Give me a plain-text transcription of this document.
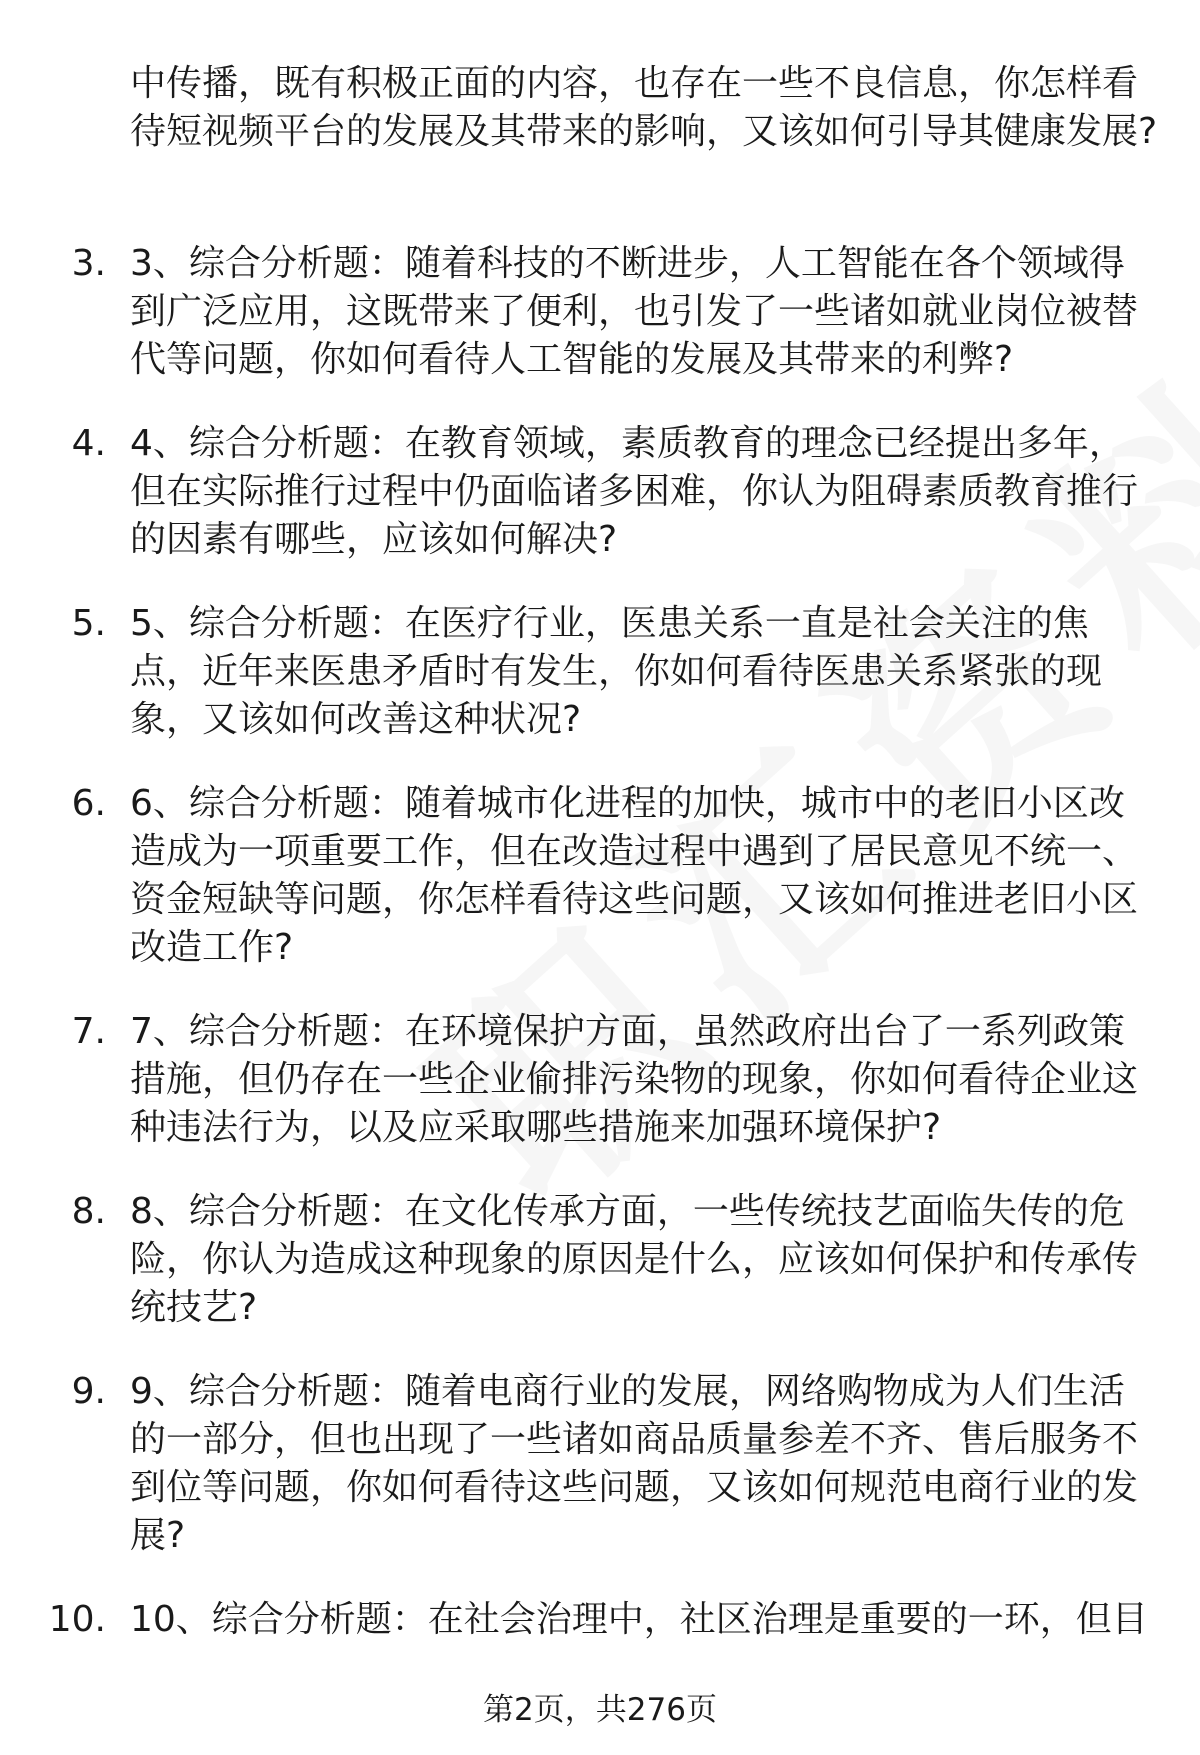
中传播，既有积极正面的内容，也存在一些不良信息，你怎样看待短视频平台的发展及其带来的影响，又该如何引导其健康发展?
3. 3、综合分析题：随着科技的不断进步，人工智能在各个领域得到广泛应用，这既带来了便利，也引发了一些诸如就业岗位被替代等问题，你如何看待人工智能的发展及其带来的利弊?
4. 4、综合分析题：在教育领域，素质教育的理念已经提出多年，但在实际推行过程中仍面临诸多困难，你认为阻碍素质教育推行的因素有哪些，应该如何解决?
5. 5、综合分析题：在医疗行业，医患关系一直是社会关注的焦点，近年来医患矛盾时有发生，你如何看待医患关系紧张的现象，又该如何改善这种状况?
6. 6、综合分析题：随着城市化进程的加快，城市中的老旧小区改造成为一项重要工作，但在改造过程中遇到了居民意见不统一、资金短缺等问题，你怎样看待这些问题，又该如何推进老旧小区改造工作?
7. 7、综合分析题：在环境保护方面，虽然政府出台了一系列政策措施，但仍存在一些企业偷排污染物的现象，你如何看待企业这种违法行为，以及应采取哪些措施来加强环境保护?
8. 8、综合分析题：在文化传承方面，一些传统技艺面临失传的危险，你认为造成这种现象的原因是什么，应该如何保护和传承传统技艺?
9. 9、综合分析题：随着电商行业的发展，网络购物成为人们生活的一部分，但也出现了一些诸如商品质量参差不齐、售后服务不到位等问题，你如何看待这些问题，又该如何规范电商行业的发展?
10. 10、综合分析题：在社会治理中，社区治理是重要的一环，但目
第2页，共276页
